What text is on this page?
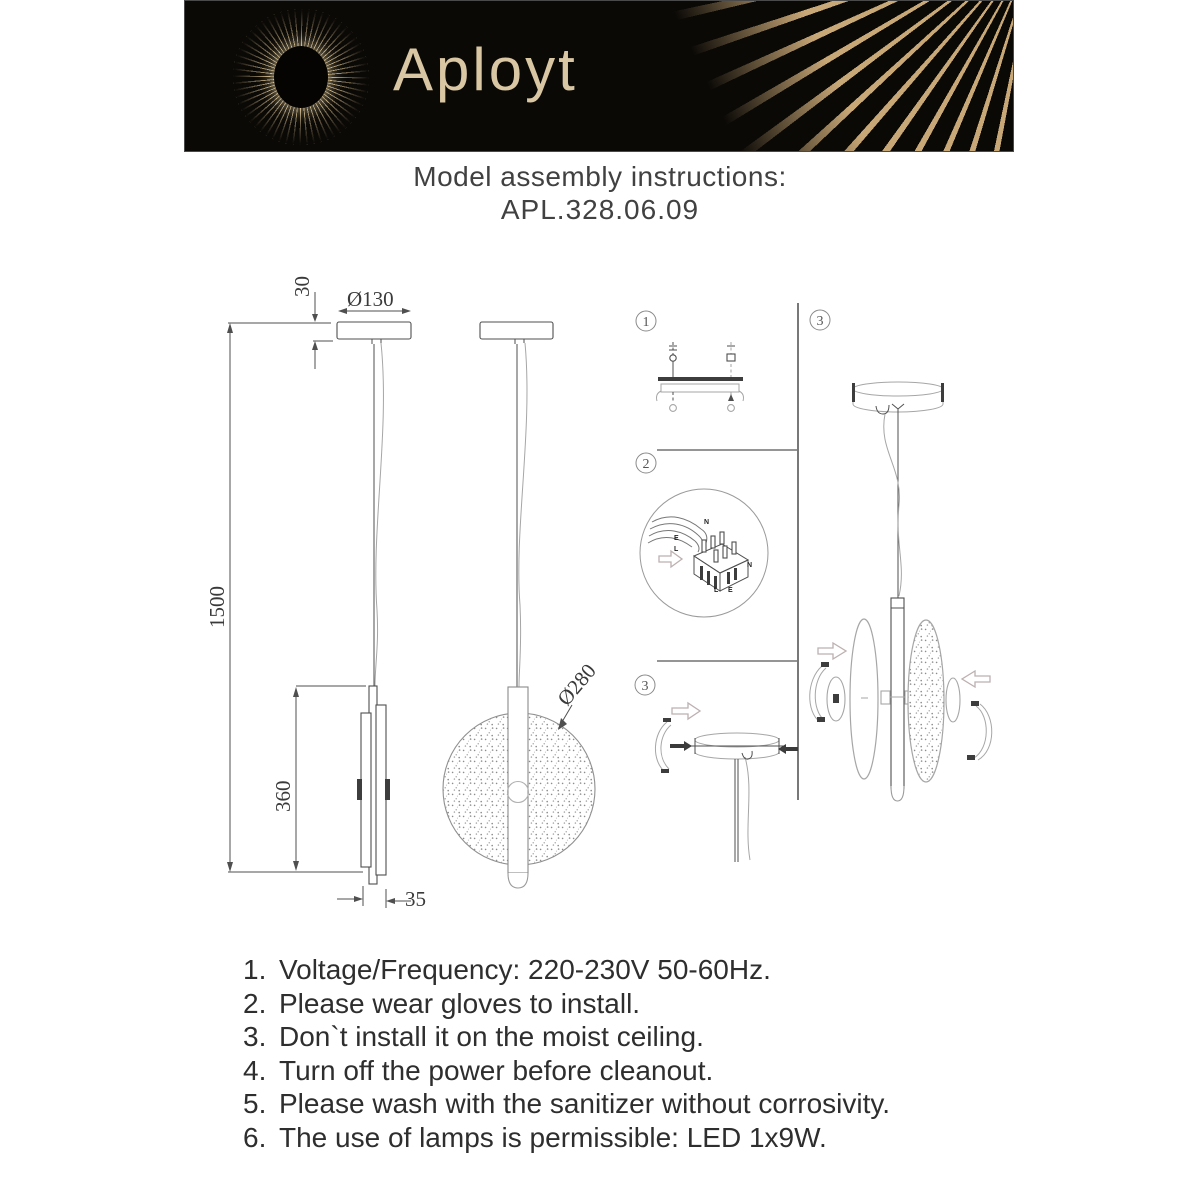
Aployt
Model assembly instructions:
APL.328.06.09
30
Ø130
1500
360
35
Ø280
1
2
N
E
L
N
L E
3
3
1. Voltage/Frequency: 220-230V 50-60Hz.
2. Please wear gloves to install.
3. Don`t install it on the moist ceiling.
4. Turn off the power before cleanout.
5. Please wash with the sanitizer without corrosivity.
6. The use of lamps is permissible: LED 1x9W.
